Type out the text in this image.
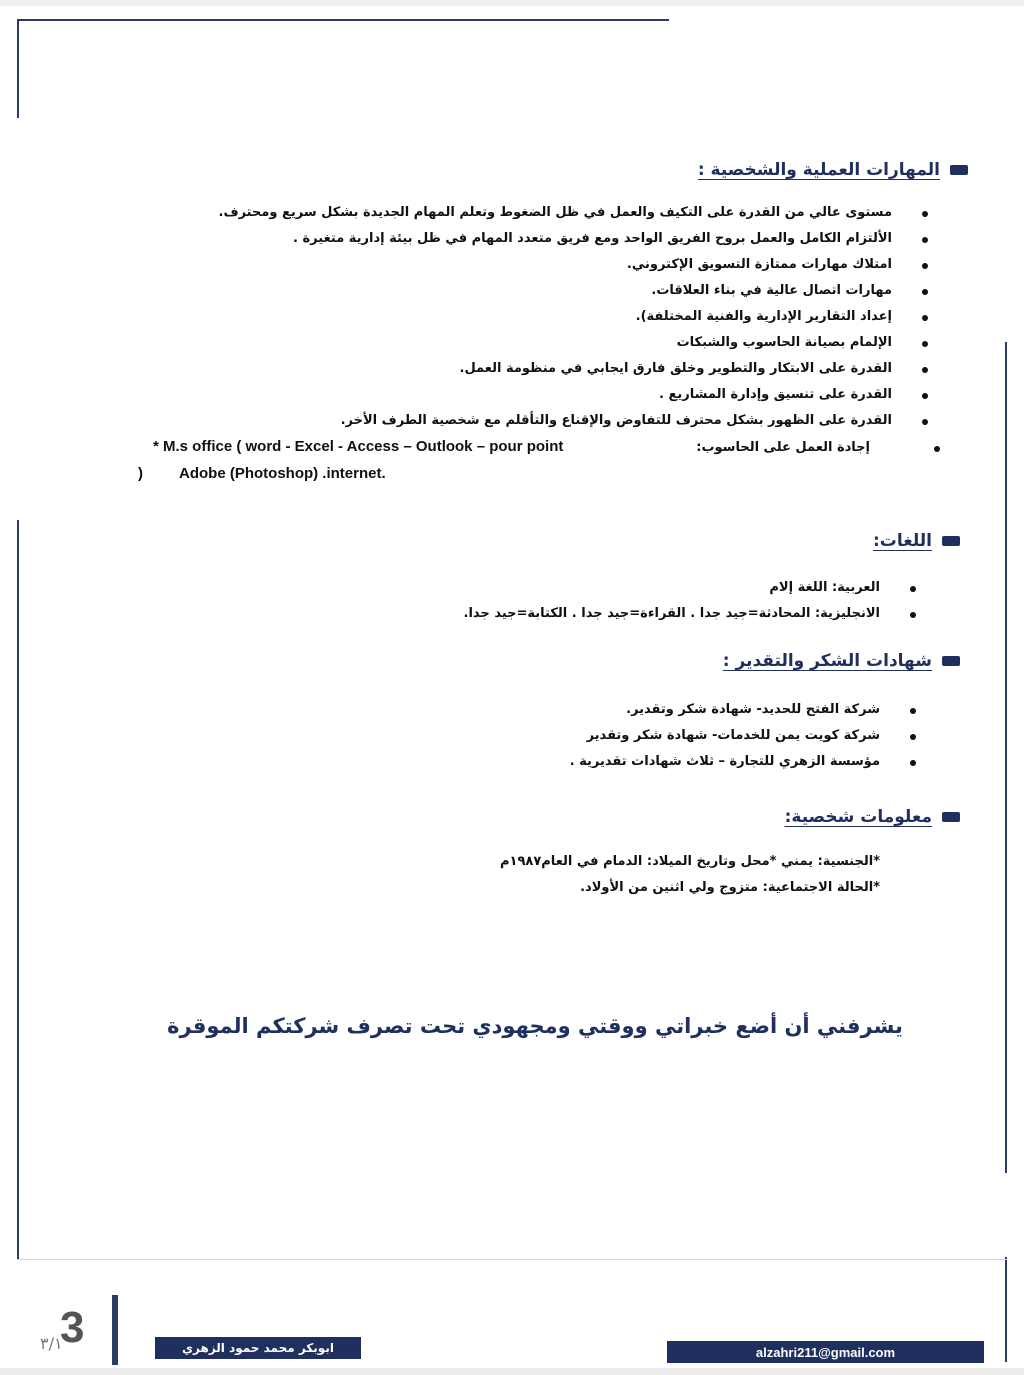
المهارات العملية والشخصية :
مستوى عالي من القدرة على التكيف والعمل في ظل الضغوط وتعلم المهام الجديدة بشكل سريع ومحترف.
الألتزام الكامل والعمل بروح الفريق الواحد ومع فريق متعدد المهام في ظل بيئة إدارية متغيرة .
امتلاك مهارات ممتازة التسويق الإكتروني.
مهارات اتصال عالية في بناء العلاقات.
إعداد التقارير الإدارية والفنية المختلفة).
الإلمام بصيانة الحاسوب والشبكات
القدرة على الابتكار والتطوير وخلق فارق ايجابي في منظومة العمل.
القدرة على تنسيق وإدارة المشاريع .
القدرة على الظهور بشكل محترف للتفاوض والإقناع والتأقلم مع شخصية الطرف الأخر.
إجادة العمل على الحاسوب:
* M.s office ( word - Excel - Access – Outlook – pour point
) Adobe (Photoshop) .internet.
اللغات:
العربية: اللغة إلام
الانجليزية: المحادثة=جيد جدا . القراءة=جيد جدا . الكتابة=جيد جدا.
شهادات الشكر والتقدير :
شركة الفتح للحديد- شهادة شكر وتقدير.
شركة كويت يمن للخدمات- شهادة شكر وتقدير
مؤسسة الزهري للتجارة – ثلاث شهادات تقديرية .
معلومات شخصية:
*الجنسية: يمني *محل وتاريخ الميلاد: الدمام في العام١٩٨٧م
*الحالة الاجتماعية: متزوج ولي اثنين من الأولاد.
يشرفني أن أضع خبراتي ووقتي ومجهودي تحت تصرف شركتكم الموقرة
3
٣/١	ابوبكر محمد حمود الزهري	alzahri211@gmail.com
